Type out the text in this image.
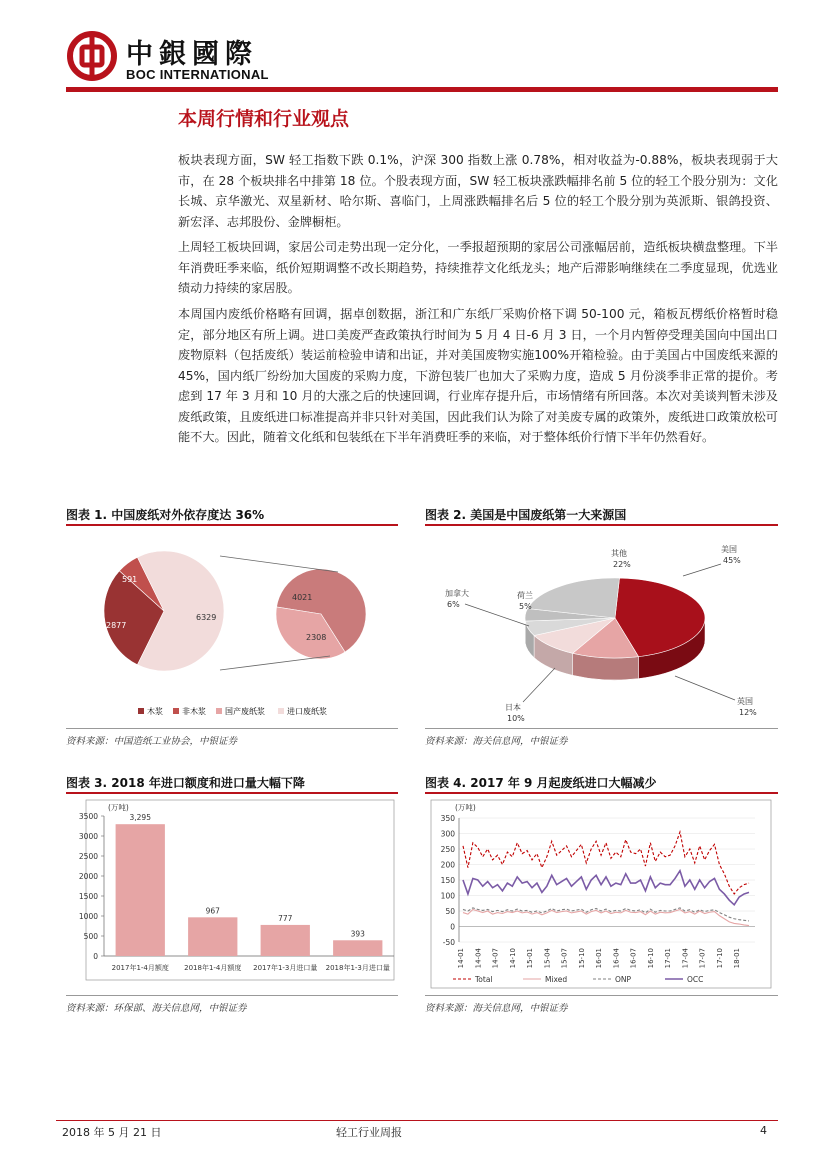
中銀國際
BOC INTERNATIONAL
本周行情和行业观点
板块表现方面，SW 轻工指数下跌 0.1%，沪深 300 指数上涨 0.78%，相对收益为-0.88%，板块表现弱于大市，在 28 个板块排名中排第 18 位。个股表现方面，SW 轻工板块涨跌幅排名前 5 位的轻工个股分别为：文化长城、京华激光、双星新材、哈尔斯、喜临门，上周涨跌幅排名后 5 位的轻工个股分别为英派斯、银鸽投资、新宏泽、志邦股份、金牌橱柜。
上周轻工板块回调，家居公司走势出现一定分化，一季报超预期的家居公司涨幅居前，造纸板块横盘整理。下半年消费旺季来临，纸价短期调整不改长期趋势，持续推荐文化纸龙头；地产后滞影响继续在二季度显现，优选业绩动力持续的家居股。
本周国内废纸价格略有回调，据卓创数据，浙江和广东纸厂采购价格下调 50-100 元，箱板瓦楞纸价格暂时稳定，部分地区有所上调。进口美废严查政策执行时间为 5 月 4 日-6 月 3 日，一个月内暂停受理美国向中国出口废物原料（包括废纸）装运前检验申请和出证，并对美国废物实施100%开箱检验。由于美国占中国废纸来源的 45%，国内纸厂纷纷加大国废的采购力度，下游包装厂也加大了采购力度，造成 5 月份淡季非正常的提价。考虑到 17 年 3 月和 10 月的大涨之后的快速回调，行业库存提升后，市场情绪有所回落。本次对美谈判暂未涉及废纸政策，且废纸进口标准提高并非只针对美国，因此我们认为除了对美废专属的政策外，废纸进口政策放松可能不大。因此，随着文化纸和包装纸在下半年消费旺季的来临，对于整体纸价行情下半年仍然看好。
图表 1. 中国废纸对外依存度达 36%
591
2877
6329
4021
2308
木浆 非木浆 国产废纸浆	进口废纸浆
资料来源：中国造纸工业协会，中银证券
图表 2. 美国是中国废纸第一大来源国
美国
45%
英国
12%
日本
10%
加拿大
6%
荷兰
5%
其他
22%
资料来源：海关信息网，中银证券
图表 3. 2018 年进口额度和进口量大幅下降
(万吨)
0
500
1000
1500
2000
2500
3000
3500	3,295
2017年1-4月额度
967
2018年1-4月额度
777
2017年1-3月进口量
393
2018年1-3月进口量
资料来源：环保部、海关信息网，中银证券
图表 4. 2017 年 9 月起废纸进口大幅减少
(万吨)
-50
0
50
100
150
200
250
300
350
14-01 14-04 14-07 14-10 15-01 15-04 15-07 15-10 16-01 16-04 16-07 16-10 17-01 17-04 17-07 17-10 18-01
Total	Mixed	ONP	OCC
资料来源：海关信息网，中银证券
2018 年 5 月 21 日	轻工行业周报	4
